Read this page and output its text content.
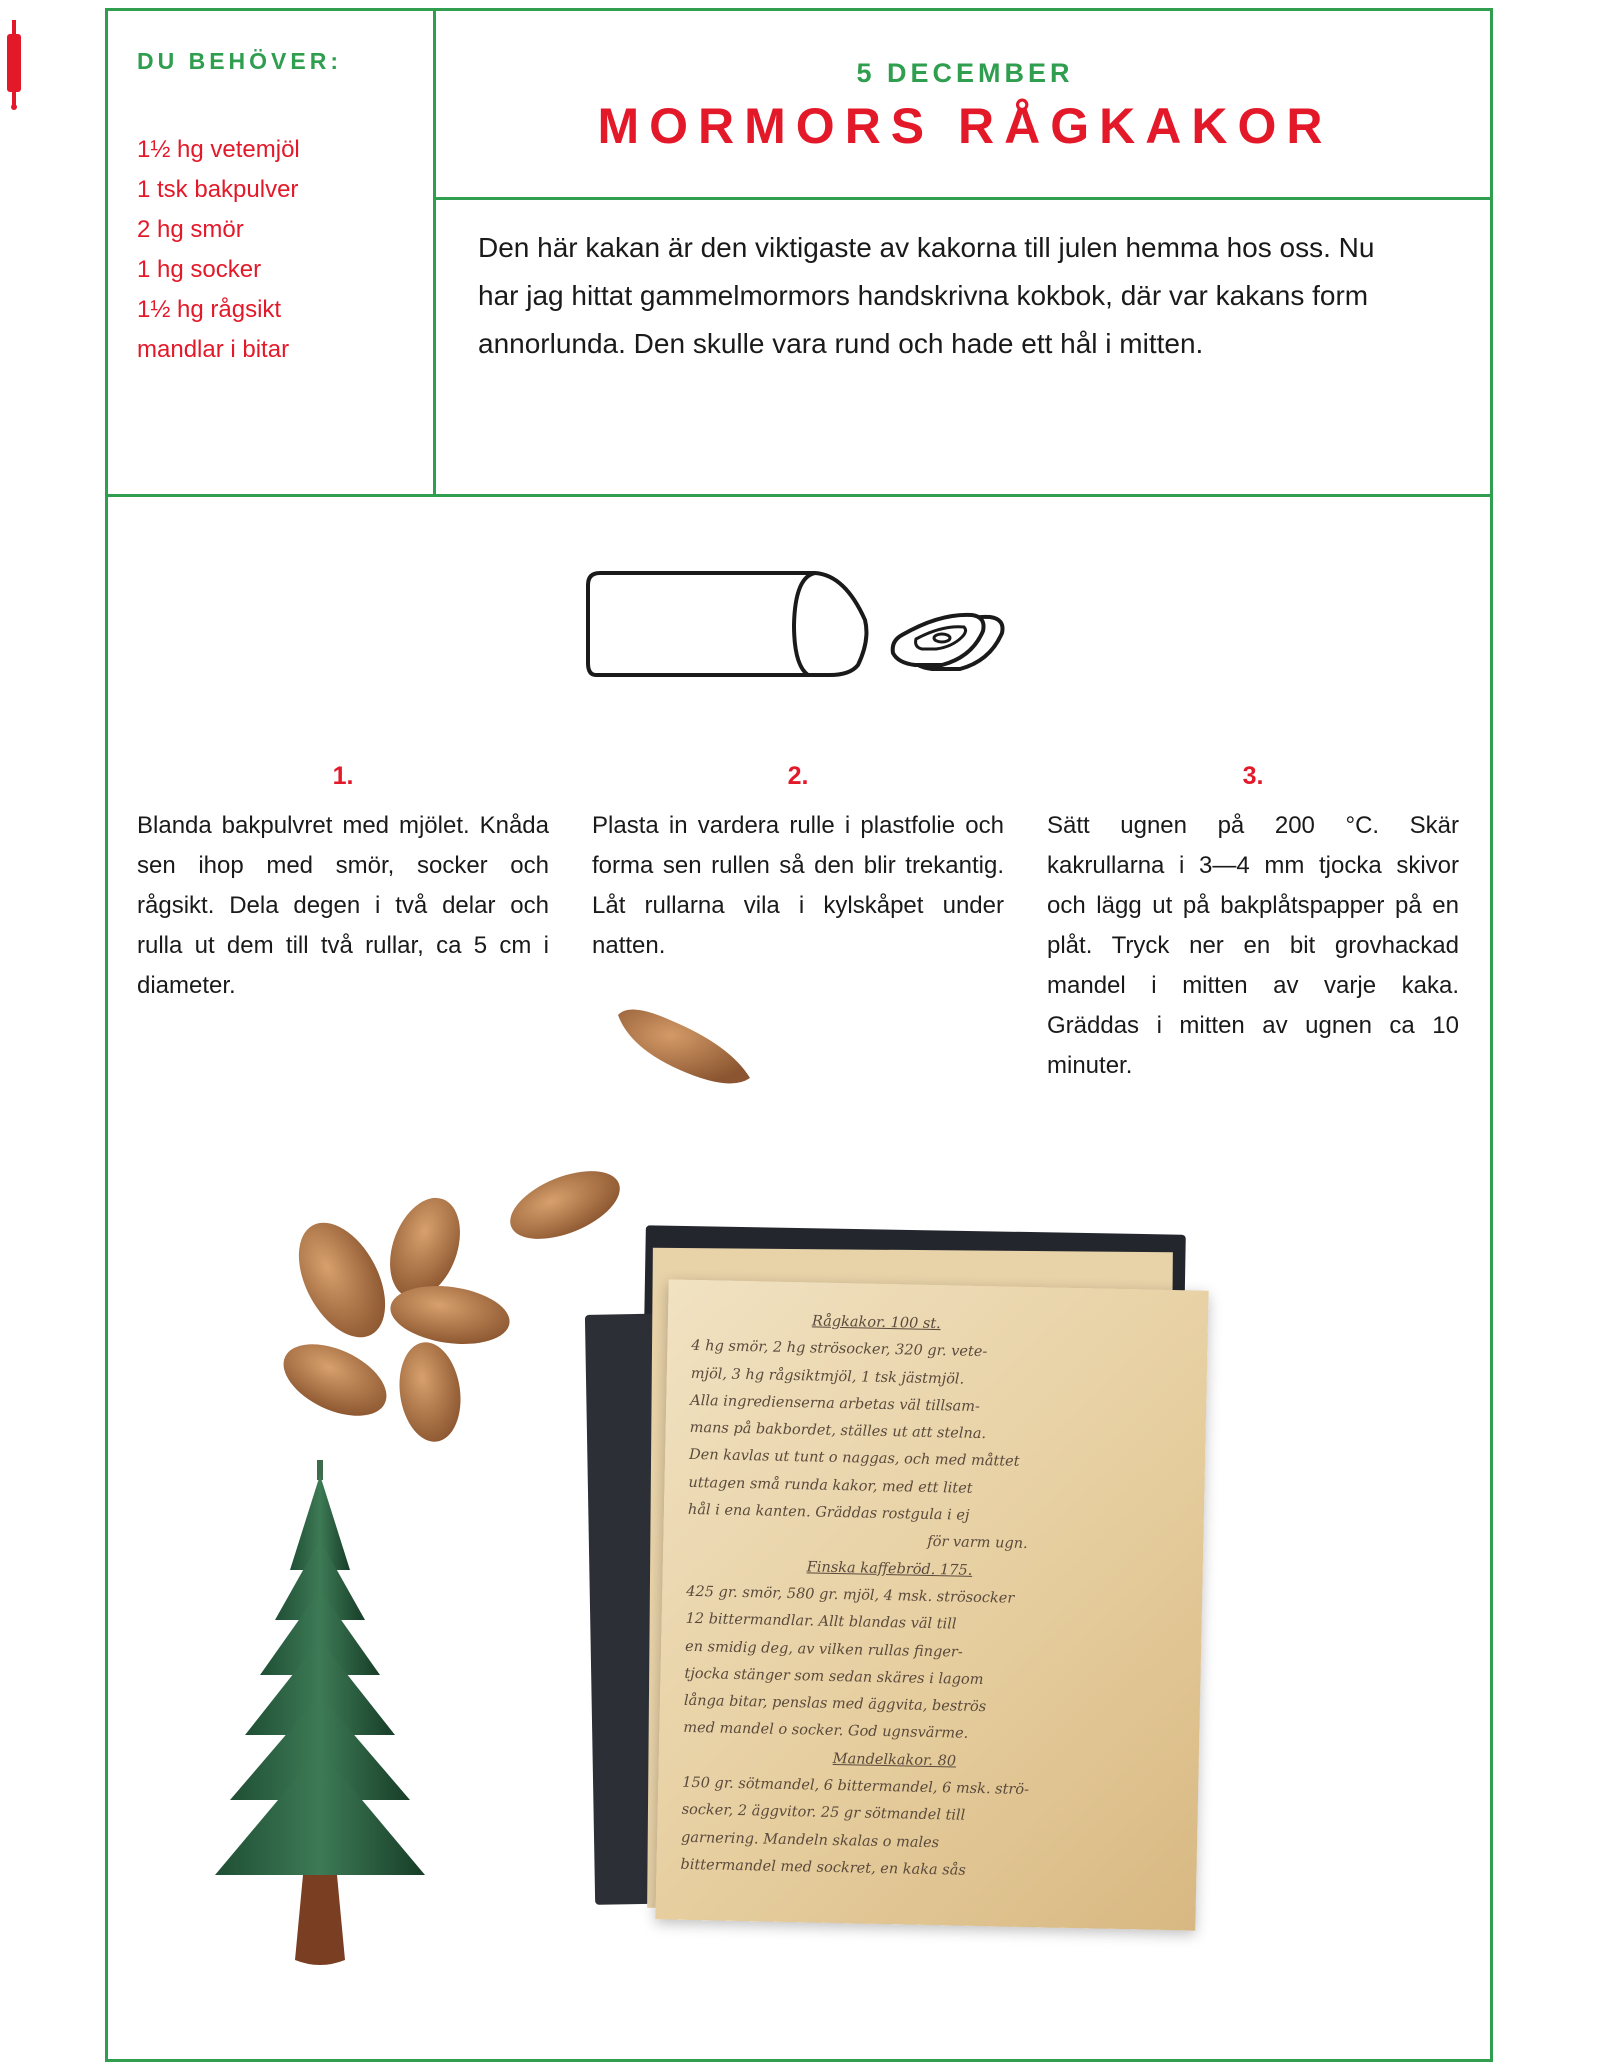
DU BEHÖVER:
1½ hg vetemjöl
1 tsk bakpulver
2 hg smör
1 hg socker
1½ hg rågsikt
mandlar i bitar
5 DECEMBER
MORMORS RÅGKAKOR

Den här kakan är den viktigaste av kakorna till julen hemma hos oss. Nu har jag hittat gammelmormors handskrivna kokbok, där var kakans form annorlunda. Den skulle vara rund och hade ett hål i mitten.

1.

Blanda bakpulvret med mjölet. Knåda sen ihop med smör, socker och rågsikt. Dela degen i två delar och rulla ut dem till två rullar, ca 5 cm i diameter.

2.

Plasta in vardera rulle i plastfolie och forma sen rullen så den blir trekantig. Låt rullarna vila i kylskåpet under natten.

3.

Sätt ugnen på 200 °C. Skär kakrullarna i 3—4 mm tjocka skivor och lägg ut på bakplåtspapper på en plåt. Tryck ner en bit grovhackad mandel i mitten av varje kaka. Gräddas i mitten av ugnen ca 10 minuter.

Rågkakor. 100 st.
4 hg smör, 2 hg strösocker, 320 gr. vete-
mjöl, 3 hg rågsiktmjöl, 1 tsk jästmjöl.
Alla ingredienserna arbetas väl tillsam-
mans på bakbordet, ställes ut att stelna.
Den kavlas ut tunt o naggas, och med måttet
uttagen små runda kakor, med ett litet
hål i ena kanten. Gräddas rostgula i ej
för varm ugn.
Finska kaffebröd. 175.
425 gr. smör, 580 gr. mjöl, 4 msk. strösocker
12 bittermandlar. Allt blandas väl till
en smidig deg, av vilken rullas finger-
tjocka stänger som sedan skäres i lagom
långa bitar, penslas med äggvita, beströs
med mandel o socker. God ugnsvärme.
Mandelkakor. 80
150 gr. sötmandel, 6 bittermandel, 6 msk. strö-
socker, 2 äggvitor. 25 gr sötmandel till
garnering. Mandeln skalas o males
bittermandel med sockret, en kaka sås
